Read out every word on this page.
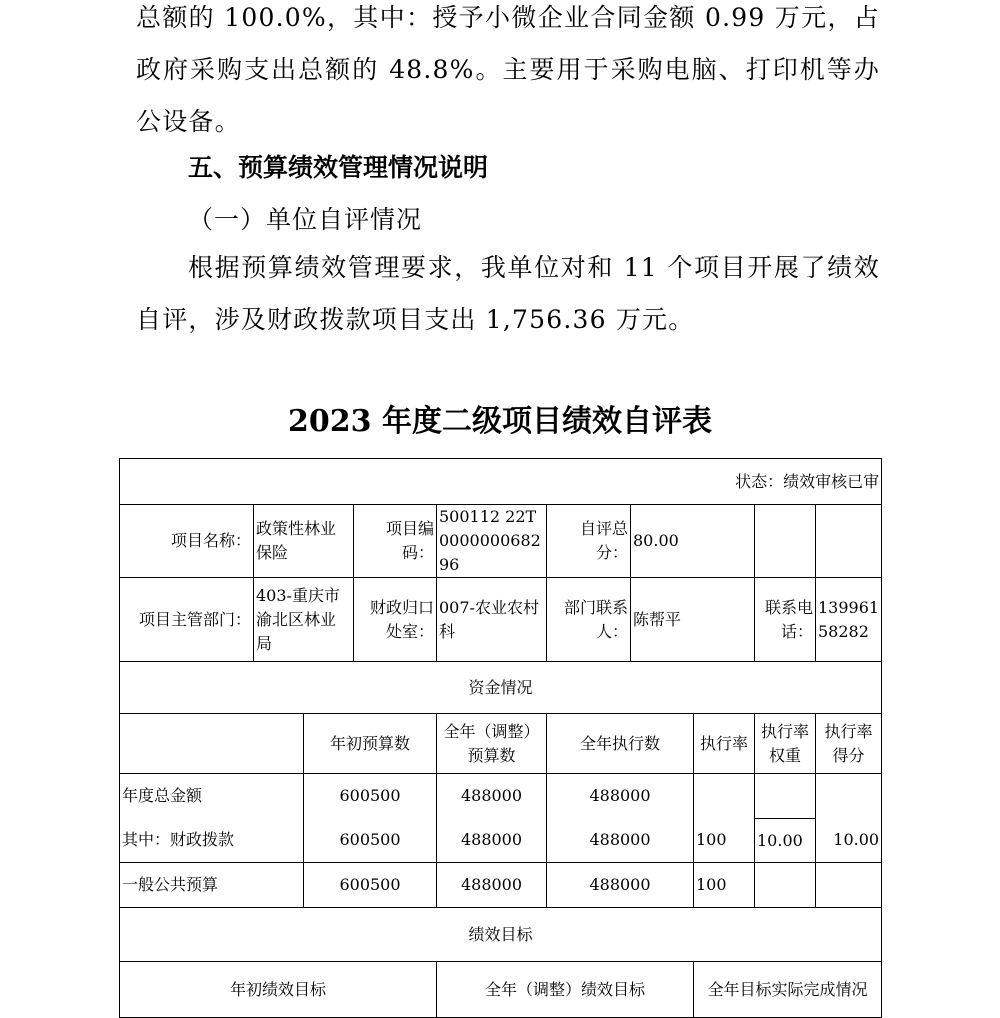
总额的 100.0%，其中：授予小微企业合同金额 0.99 万元，占政府采购支出总额的 48.8%。主要用于采购电脑、打印机等办公设备。

五、预算绩效管理情况说明
（一）单位自评情况

根据预算绩效管理要求，我单位对和 11 个项目开展了绩效自评，涉及财政拨款项目支出 1,756.36 万元。

2023 年度二级项目绩效自评表
状态：绩效审核已审									
项目名称：	政策性林业保险		项目编码：	500112 22T000000068296	自评总分：	80.00			
项目主管部门：	403-重庆市渝北区林业局		财政归口处室：	007-农业农村科	部门联系人：	陈帮平		联系电话：	13996158282
资金情况									
		年初预算数		全年（调整）预算数	全年执行数		执行率	执行率权重	执行率得分
年度总金额		600500		488000	488000				
其中：财政拨款		600500		488000	488000		100	10.00	10.00
一般公共预算		600500		488000	488000		100		
绩效目标									
年初绩效目标				全年（调整）绩效目标			全年目标实际完成情况		
